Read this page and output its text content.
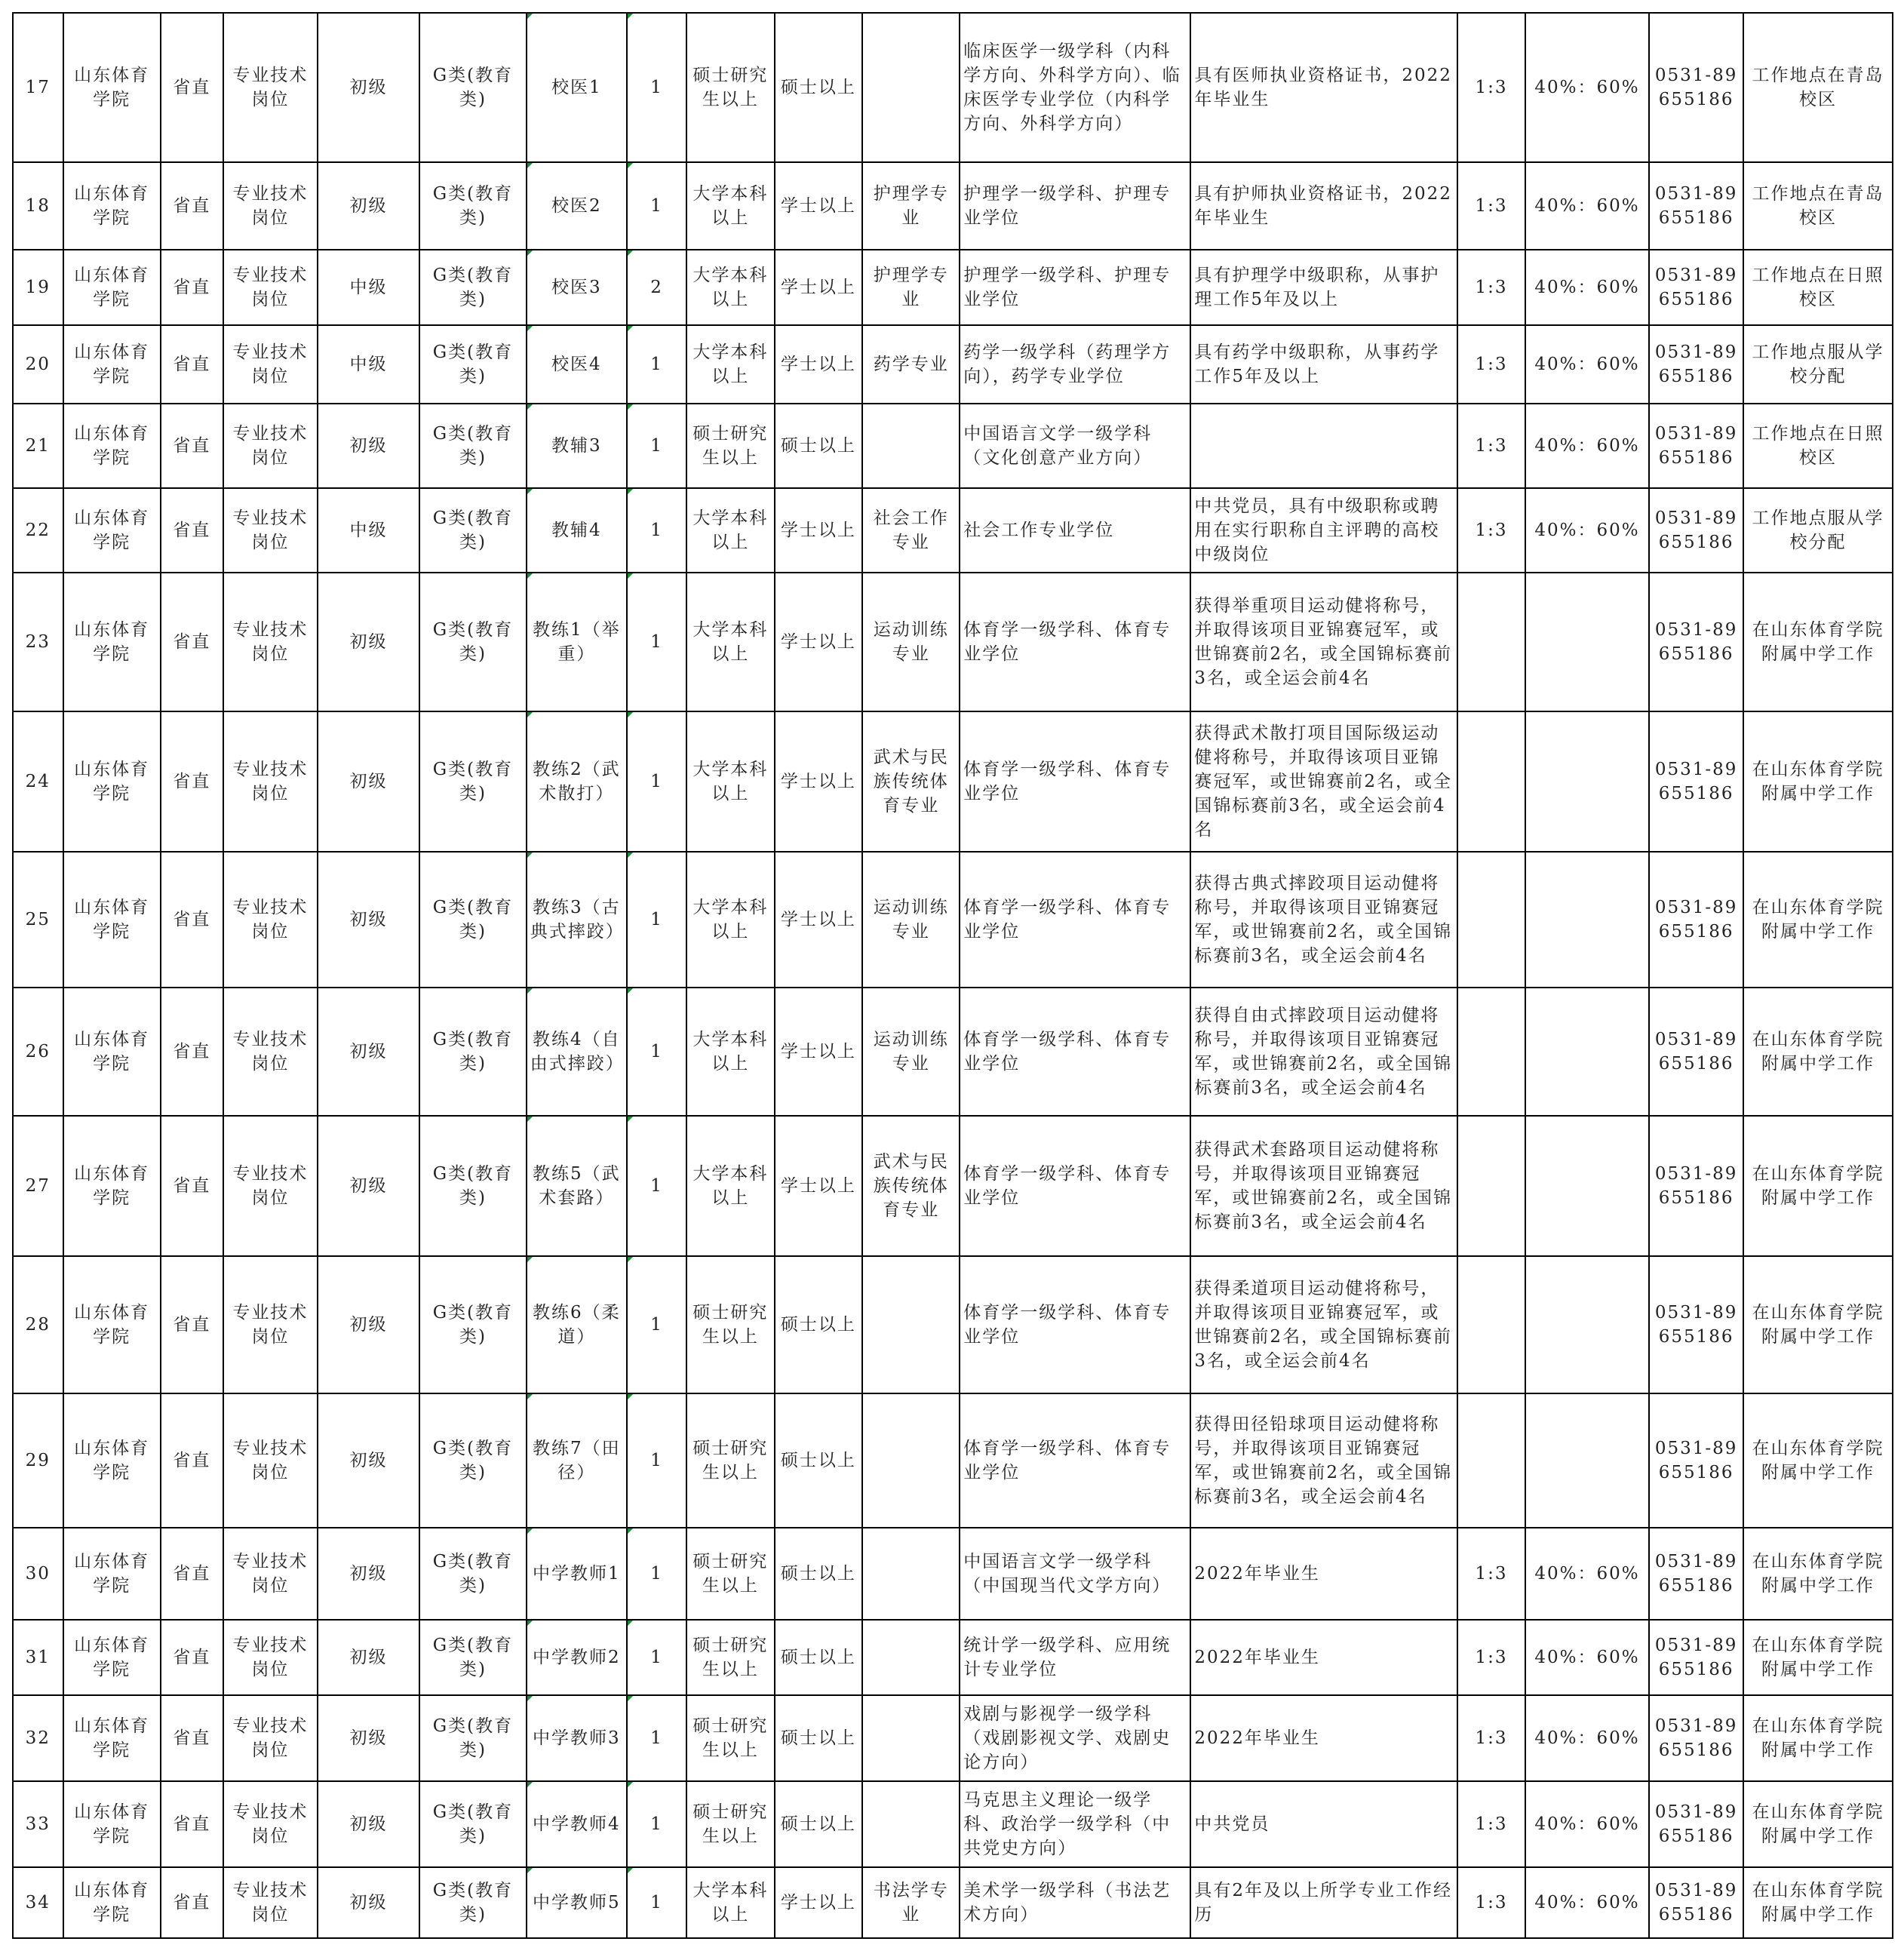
17	山东体育学院	省直	专业技术岗位	初级	G类(教育类)	校医1	1	硕士研究生以上	硕士以上		临床医学一级学科（内科学方向、外科学方向）、临床医学专业学位（内科学方向、外科学方向）	具有医师执业资格证书，2022年毕业生	1:3	40%：60%	0531-89655186	工作地点在青岛校区
18	山东体育学院	省直	专业技术岗位	初级	G类(教育类)	校医2	1	大学本科以上	学士以上	护理学专业	护理学一级学科、护理专业学位	具有护师执业资格证书，2022年毕业生	1:3	40%：60%	0531-89655186	工作地点在青岛校区
19	山东体育学院	省直	专业技术岗位	中级	G类(教育类)	校医3	2	大学本科以上	学士以上	护理学专业	护理学一级学科、护理专业学位	具有护理学中级职称，从事护理工作5年及以上	1:3	40%：60%	0531-89655186	工作地点在日照校区
20	山东体育学院	省直	专业技术岗位	中级	G类(教育类)	校医4	1	大学本科以上	学士以上	药学专业	药学一级学科（药理学方向），药学专业学位	具有药学中级职称，从事药学工作5年及以上	1:3	40%：60%	0531-89655186	工作地点服从学校分配
21	山东体育学院	省直	专业技术岗位	初级	G类(教育类)	教辅3	1	硕士研究生以上	硕士以上		中国语言文学一级学科（文化创意产业方向）		1:3	40%：60%	0531-89655186	工作地点在日照校区
22	山东体育学院	省直	专业技术岗位	中级	G类(教育类)	教辅4	1	大学本科以上	学士以上	社会工作专业	社会工作专业学位	中共党员，具有中级职称或聘用在实行职称自主评聘的高校中级岗位	1:3	40%：60%	0531-89655186	工作地点服从学校分配
23	山东体育学院	省直	专业技术岗位	初级	G类(教育类)	教练1（举重）	1	大学本科以上	学士以上	运动训练专业	体育学一级学科、体育专业学位	获得举重项目运动健将称号，并取得该项目亚锦赛冠军，或世锦赛前2名，或全国锦标赛前3名，或全运会前4名			0531-89655186	在山东体育学院附属中学工作
24	山东体育学院	省直	专业技术岗位	初级	G类(教育类)	教练2（武术散打）	1	大学本科以上	学士以上	武术与民族传统体育专业	体育学一级学科、体育专业学位	获得武术散打项目国际级运动健将称号，并取得该项目亚锦赛冠军，或世锦赛前2名，或全国锦标赛前3名，或全运会前4名			0531-89655186	在山东体育学院附属中学工作
25	山东体育学院	省直	专业技术岗位	初级	G类(教育类)	教练3（古典式摔跤）	1	大学本科以上	学士以上	运动训练专业	体育学一级学科、体育专业学位	获得古典式摔跤项目运动健将称号，并取得该项目亚锦赛冠军，或世锦赛前2名，或全国锦标赛前3名，或全运会前4名			0531-89655186	在山东体育学院附属中学工作
26	山东体育学院	省直	专业技术岗位	初级	G类(教育类)	教练4（自由式摔跤）	1	大学本科以上	学士以上	运动训练专业	体育学一级学科、体育专业学位	获得自由式摔跤项目运动健将称号，并取得该项目亚锦赛冠军，或世锦赛前2名，或全国锦标赛前3名，或全运会前4名			0531-89655186	在山东体育学院附属中学工作
27	山东体育学院	省直	专业技术岗位	初级	G类(教育类)	教练5（武术套路）	1	大学本科以上	学士以上	武术与民族传统体育专业	体育学一级学科、体育专业学位	获得武术套路项目运动健将称号，并取得该项目亚锦赛冠军，或世锦赛前2名，或全国锦标赛前3名，或全运会前4名			0531-89655186	在山东体育学院附属中学工作
28	山东体育学院	省直	专业技术岗位	初级	G类(教育类)	教练6（柔道）	1	硕士研究生以上	硕士以上		体育学一级学科、体育专业学位	获得柔道项目运动健将称号，并取得该项目亚锦赛冠军，或世锦赛前2名，或全国锦标赛前3名，或全运会前4名			0531-89655186	在山东体育学院附属中学工作
29	山东体育学院	省直	专业技术岗位	初级	G类(教育类)	教练7（田径）	1	硕士研究生以上	硕士以上		体育学一级学科、体育专业学位	获得田径铅球项目运动健将称号，并取得该项目亚锦赛冠军，或世锦赛前2名，或全国锦标赛前3名，或全运会前4名			0531-89655186	在山东体育学院附属中学工作
30	山东体育学院	省直	专业技术岗位	初级	G类(教育类)	中学教师1	1	硕士研究生以上	硕士以上		中国语言文学一级学科（中国现当代文学方向）	2022年毕业生	1:3	40%：60%	0531-89655186	在山东体育学院附属中学工作
31	山东体育学院	省直	专业技术岗位	初级	G类(教育类)	中学教师2	1	硕士研究生以上	硕士以上		统计学一级学科、应用统计专业学位	2022年毕业生	1:3	40%：60%	0531-89655186	在山东体育学院附属中学工作
32	山东体育学院	省直	专业技术岗位	初级	G类(教育类)	中学教师3	1	硕士研究生以上	硕士以上		戏剧与影视学一级学科（戏剧影视文学、戏剧史论方向）	2022年毕业生	1:3	40%：60%	0531-89655186	在山东体育学院附属中学工作
33	山东体育学院	省直	专业技术岗位	初级	G类(教育类)	中学教师4	1	硕士研究生以上	硕士以上		马克思主义理论一级学科、政治学一级学科（中共党史方向）	中共党员	1:3	40%：60%	0531-89655186	在山东体育学院附属中学工作
34	山东体育学院	省直	专业技术岗位	初级	G类(教育类)	中学教师5	1	大学本科以上	学士以上	书法学专业	美术学一级学科（书法艺术方向）	具有2年及以上所学专业工作经历	1:3	40%：60%	0531-89655186	在山东体育学院附属中学工作
